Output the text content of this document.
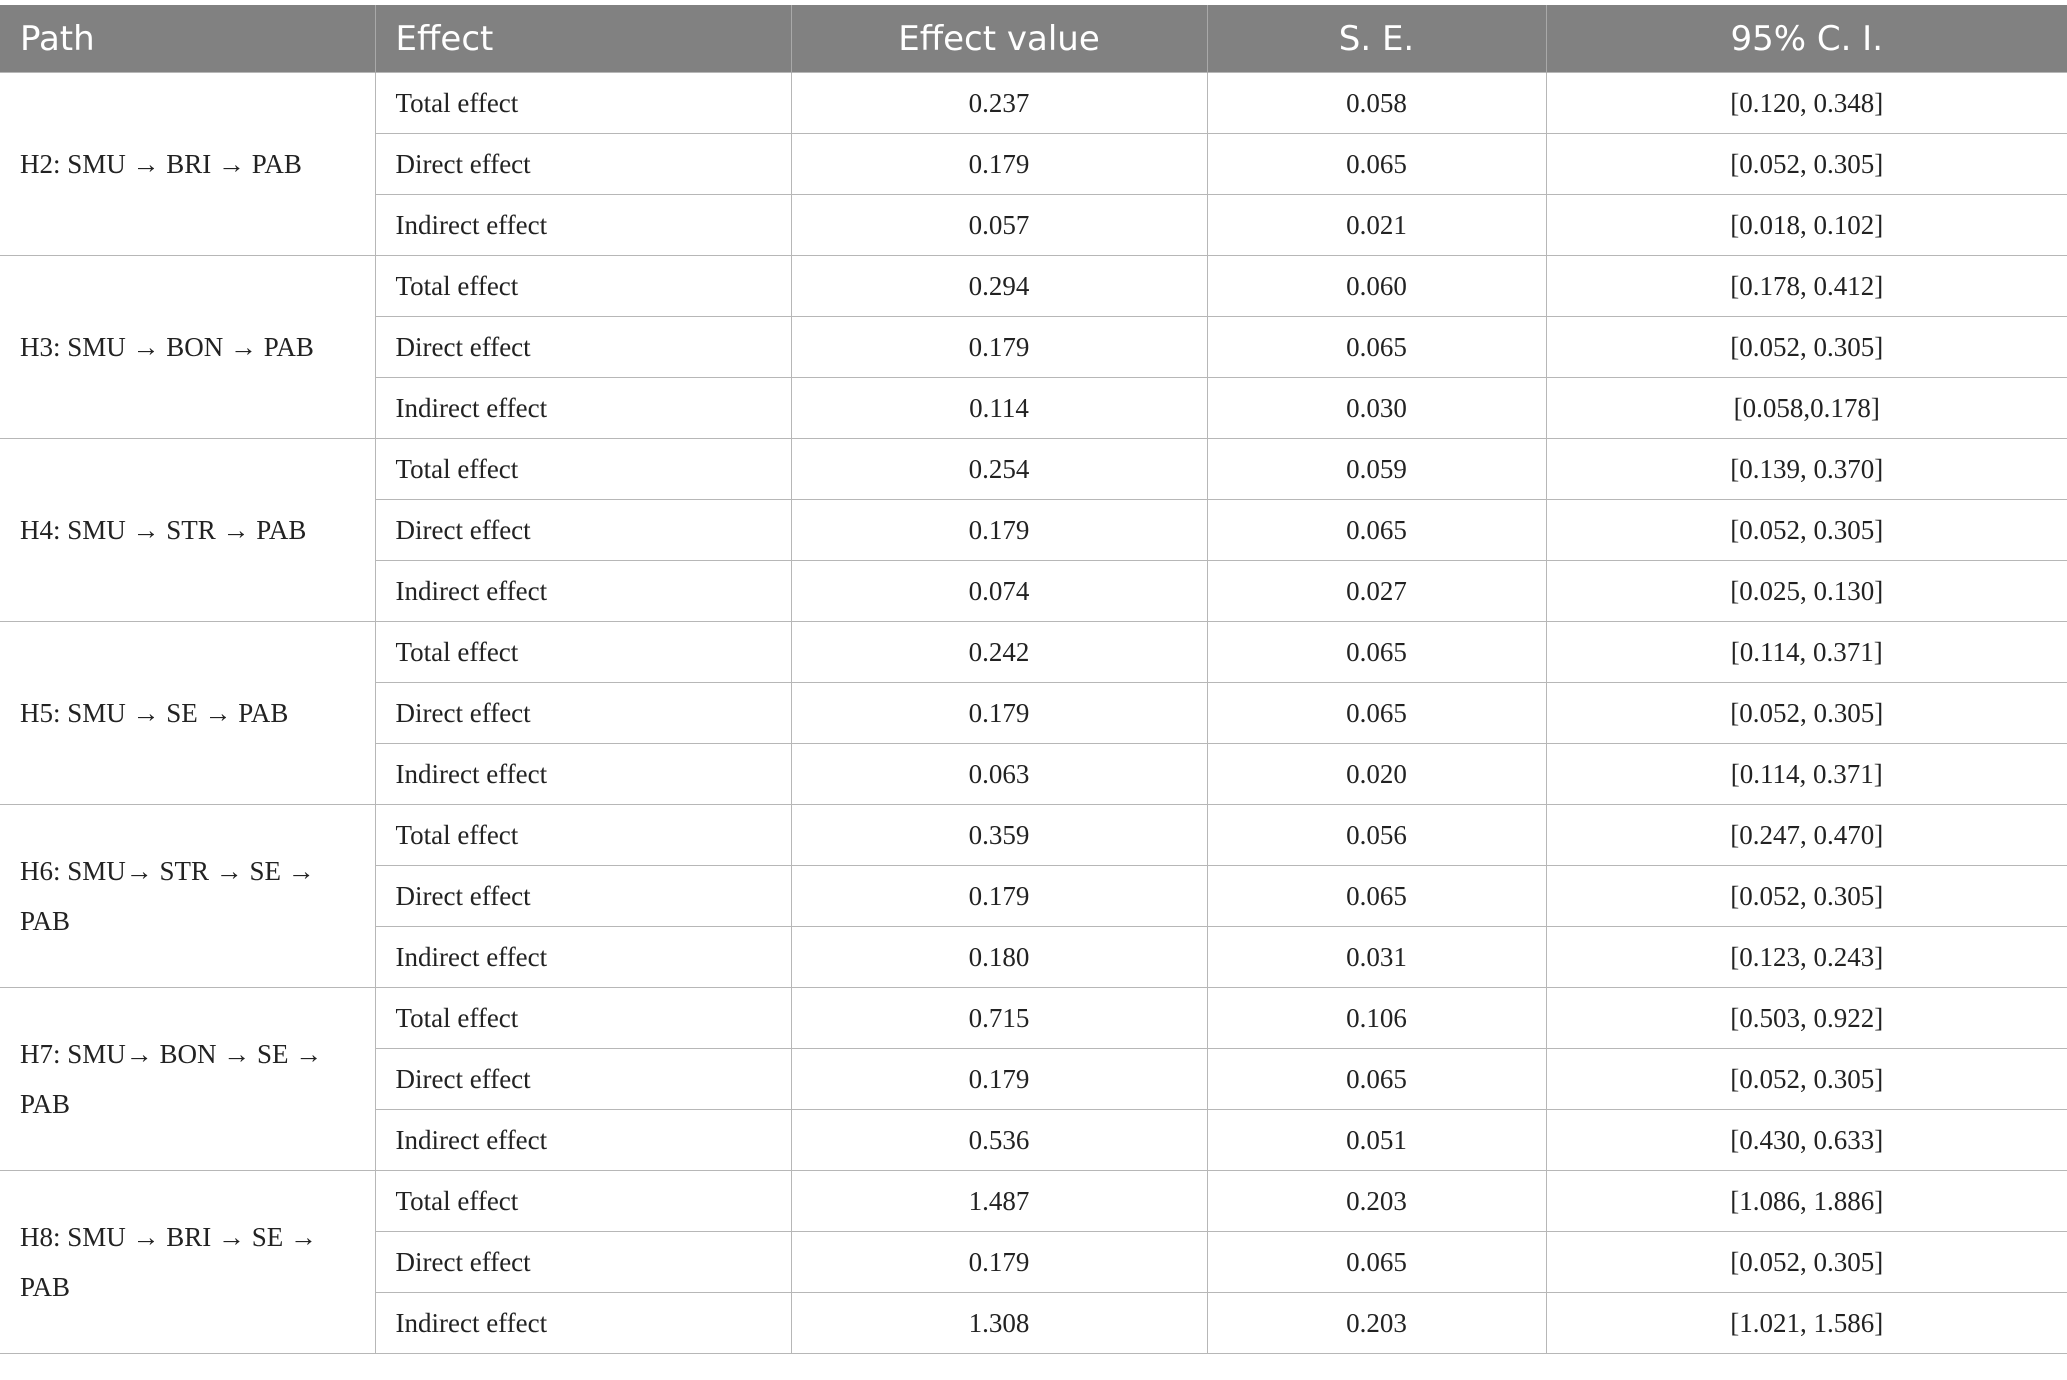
Path	Effect	Effect value	S. E.	95% C. I.
H2: SMU → BRI → PAB	Total effect	0.237	0.058	[0.120, 0.348]
	Direct effect	0.179	0.065	[0.052, 0.305]
	Indirect effect	0.057	0.021	[0.018, 0.102]
H3: SMU → BON → PAB	Total effect	0.294	0.060	[0.178, 0.412]
	Direct effect	0.179	0.065	[0.052, 0.305]
	Indirect effect	0.114	0.030	[0.058,0.178]
H4: SMU → STR → PAB	Total effect	0.254	0.059	[0.139, 0.370]
	Direct effect	0.179	0.065	[0.052, 0.305]
	Indirect effect	0.074	0.027	[0.025, 0.130]
H5: SMU → SE → PAB	Total effect	0.242	0.065	[0.114, 0.371]
	Direct effect	0.179	0.065	[0.052, 0.305]
	Indirect effect	0.063	0.020	[0.114, 0.371]
H6: SMU→ STR → SE → PAB	Total effect	0.359	0.056	[0.247, 0.470]
	Direct effect	0.179	0.065	[0.052, 0.305]
	Indirect effect	0.180	0.031	[0.123, 0.243]
H7: SMU→ BON → SE → PAB	Total effect	0.715	0.106	[0.503, 0.922]
	Direct effect	0.179	0.065	[0.052, 0.305]
	Indirect effect	0.536	0.051	[0.430, 0.633]
H8: SMU → BRI → SE → PAB	Total effect	1.487	0.203	[1.086, 1.886]
	Direct effect	0.179	0.065	[0.052, 0.305]
	Indirect effect	1.308	0.203	[1.021, 1.586]
